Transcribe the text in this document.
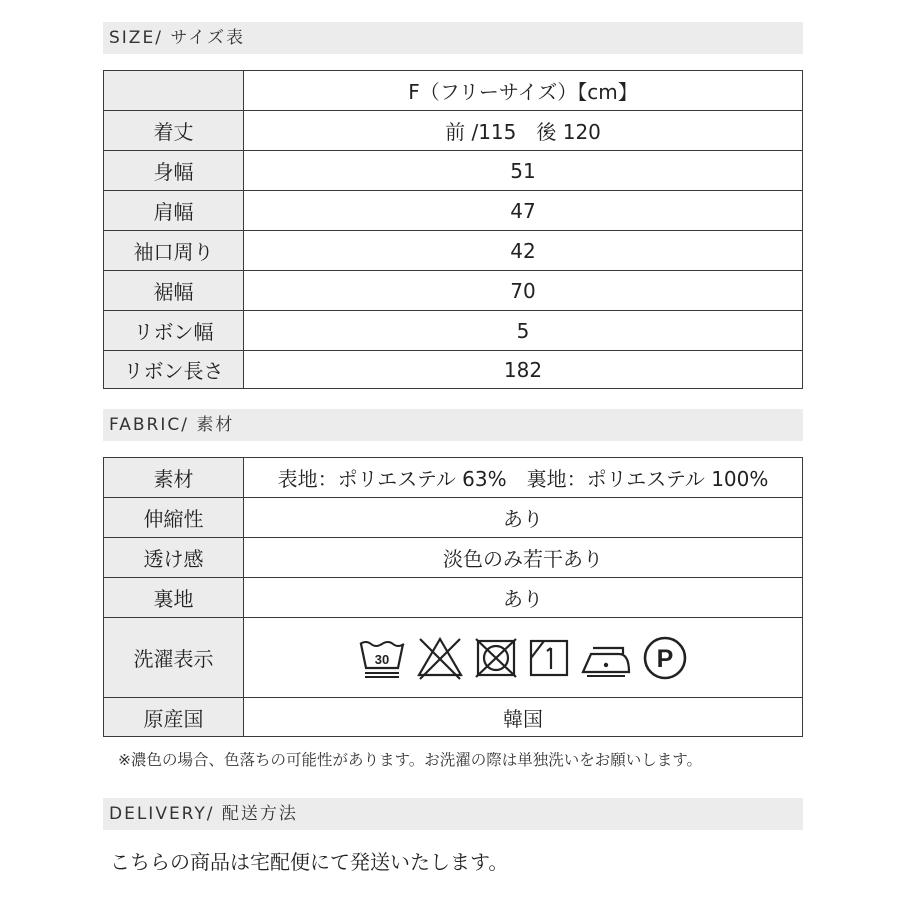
SIZE/ サイズ表
	F（フリーサイズ）【cm】
着丈	前 /115　後 120
身幅	51
肩幅	47
袖口周り	42
裾幅	70
リボン幅	5
リボン長さ	182
FABRIC/ 素材
素材	表地：ポリエステル 63%　裏地：ポリエステル 100%
伸縮性	あり
透け感	淡色のみ若干あり
裏地	あり
洗濯表示	30 P

原産国	韓国
※濃色の場合、色落ちの可能性があります。お洗濯の際は単独洗いをお願いします。
DELIVERY/ 配送方法
こちらの商品は宅配便にて発送いたします。
